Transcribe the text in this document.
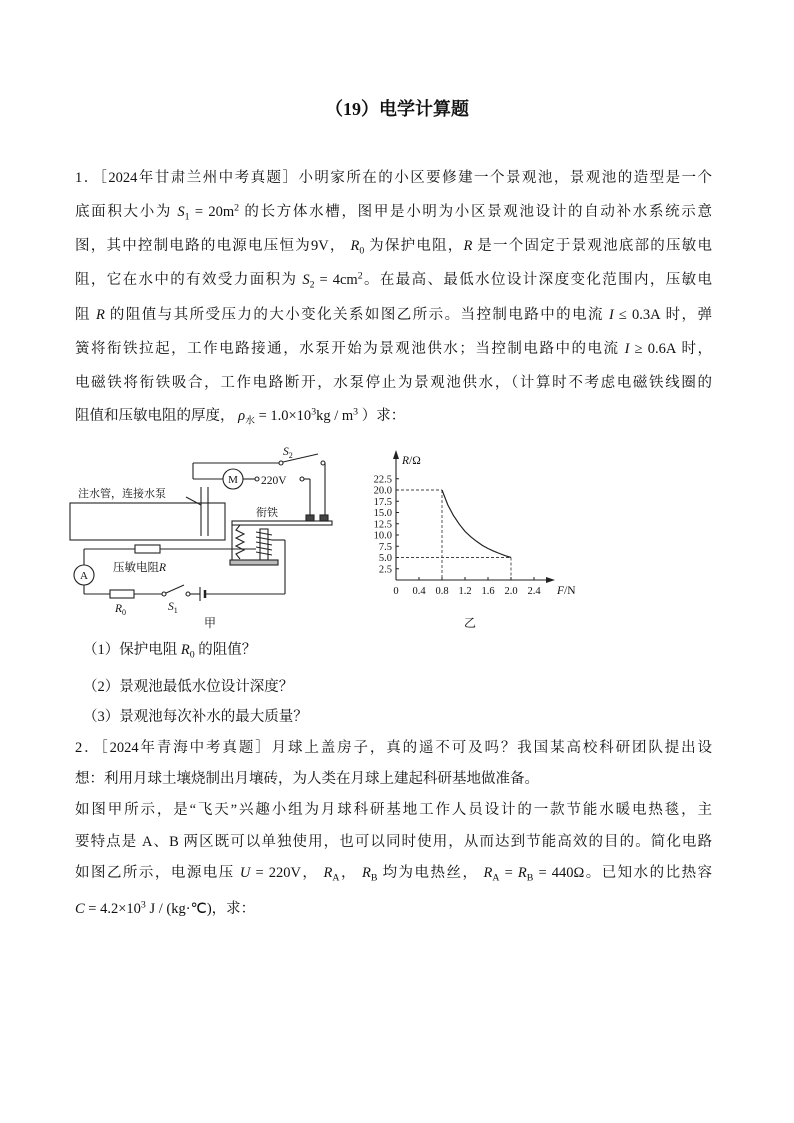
（19）电学计算题
1．［2024年甘肃兰州中考真题］小明家所在的小区要修建一个景观池，景观池的造型是一个
底面积大小为 $S_1 = 20m^2$ 的长方体水槽，图甲是小明为小区景观池设计的自动补水系统示意
图，其中控制电路的电源电压恒为9V， $R_0$ 为保护电阻，R 是一个固定于景观池底部的压敏电
阻，它在水中的有效受力面积为 $S_2 = 4cm^2$。在最高、最低水位设计深度变化范围内，压敏电
阻 R 的阻值与其所受压力的大小变化关系如图乙所示。当控制电路中的电流 I ≤ 0.3A 时，弹
簧将衔铁拉起，工作电路接通，水泵开始为景观池供水；当控制电路中的电流 I ≥ 0.6A 时，
电磁铁将衔铁吸合，工作电路断开，水泵停止为景观池供水，（计算时不考虑电磁铁线圈的
阻值和压敏电阻的厚度， $\rho_水 = 1.0\times 10^3kg / m^3$ ）求：
$S_2$
M 220V
注水管，连接水泵
衔铁
压敏电阻R
A
$R_0$	$S_1$
甲
R/Ω
F/N
0
2.5
5.0
7.5
10.0
12.5
15.0
17.5
20.0
22.5
0.4 0.8 1.2 1.6 2.0 2.4
乙
（1）保护电阻 $R_0$ 的阻值？
（2）景观池最低水位设计深度？
（3）景观池每次补水的最大质量？
2．［2024年青海中考真题］月球上盖房子，真的遥不可及吗？我国某高校科研团队提出设
想：利用月球土壤烧制出月壤砖，为人类在月球上建起科研基地做准备。
如图甲所示，是“飞天”兴趣小组为月球科研基地工作人员设计的一款节能水暖电热毯，主
要特点是 A、B 两区既可以单独使用，也可以同时使用，从而达到节能高效的目的。简化电路
如图乙所示，电源电压 U = 220V， $R_A$， $R_B$ 均为电热丝， $R_A = R_B = 440\Omega$。已知水的比热容
$C = 4.2\times 10^3$ J / (kg·℃)，求：
